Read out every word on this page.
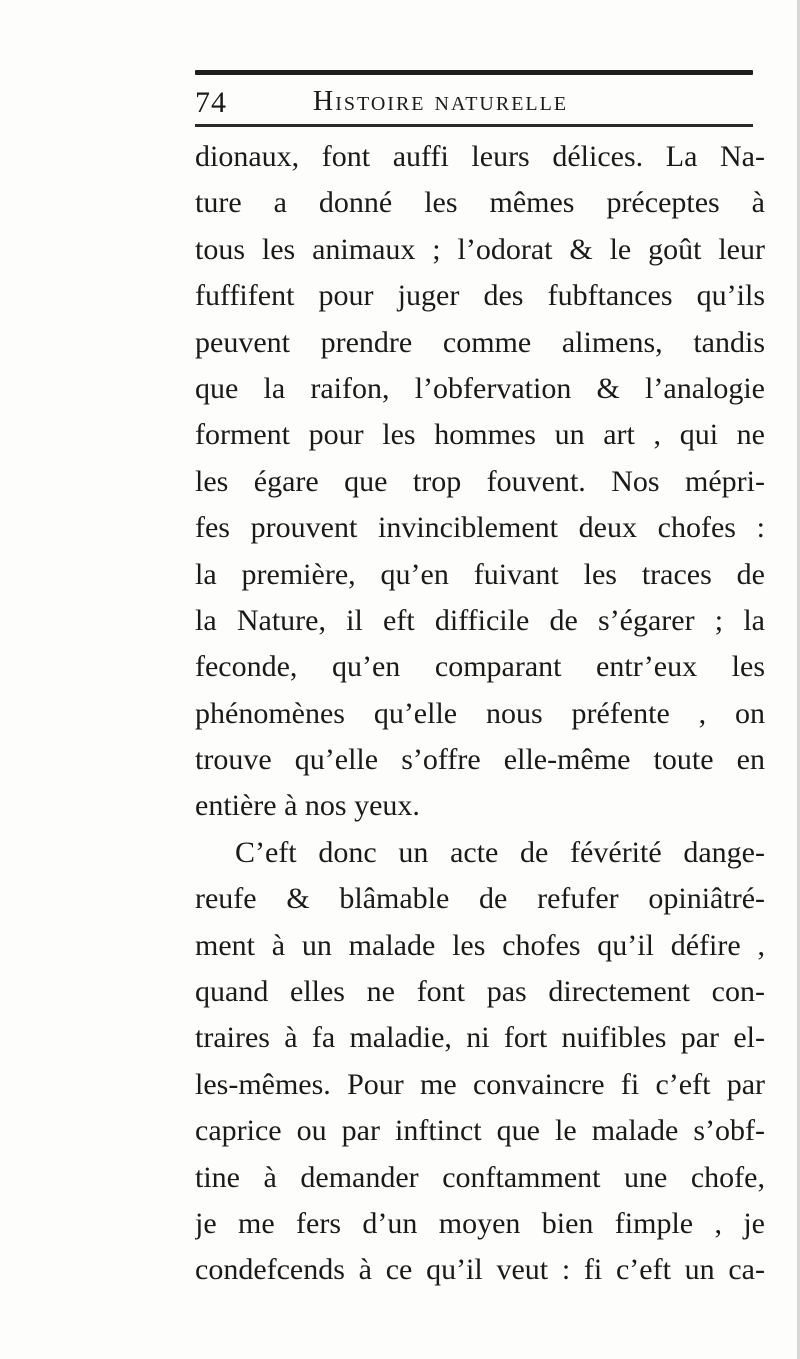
74	Histoire naturelle
dionaux, font auffi leurs délices. La Na-
ture a donné les mêmes préceptes à
tous les animaux ; l’odorat & le goût leur
fuffifent pour juger des fubftances qu’ils
peuvent prendre comme alimens, tandis
que la raifon, l’obfervation & l’analogie
forment pour les hommes un art , qui ne
les égare que trop fouvent. Nos mépri-
fes prouvent invinciblement deux chofes :
la première, qu’en fuivant les traces de
la Nature, il eft difficile de s’égarer ; la
feconde, qu’en comparant entr’eux les
phénomènes qu’elle nous préfente , on
trouve qu’elle s’offre elle-même toute en
entière à nos yeux.
C’eft donc un acte de févérité dange-
reufe & blâmable de refufer opiniâtré-
ment à un malade les chofes qu’il défire ,
quand elles ne font pas directement con-
traires à fa maladie, ni fort nuifibles par el-
les-mêmes. Pour me convaincre fi c’eft par
caprice ou par inftinct que le malade s’obf-
tine à demander conftamment une chofe,
je me fers d’un moyen bien fimple , je
condefcends à ce qu’il veut : fi c’eft un ca-
